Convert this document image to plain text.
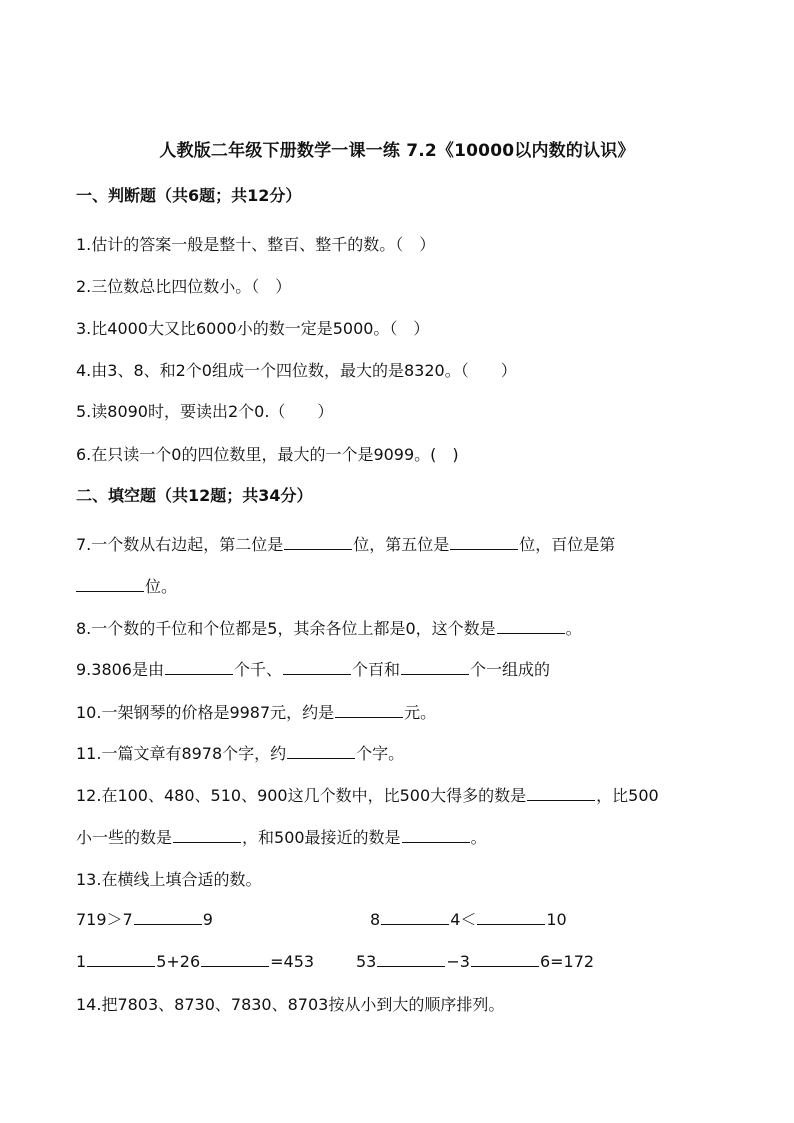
人教版二年级下册数学一课一练 7.2《10000以内数的认识》
一、判断题（共6题；共12分）
1.估计的答案一般是整十、整百、整千的数。（　）
2.三位数总比四位数小。（　）
3.比4000大又比6000小的数一定是5000。（　）
4.由3、8、和2个0组成一个四位数，最大的是8320。（　　）
5.读8090时，要读出2个0.（　　）
6.在只读一个0的四位数里，最大的一个是9099。(　)
二、填空题（共12题；共34分）
7.一个数从右边起，第二位是	位，第五位是	位，百位是第
位。
8.一个数的千位和个位都是5，其余各位上都是0，这个数是	。
9.3806是由	个千、	个百和	个一组成的
10.一架钢琴的价格是9987元，约是	元。
11.一篇文章有8978个字，约	个字。
12.在100、480、510、900这几个数中，比500大得多的数是	，比500
小一些的数是	，和500最接近的数是	。
13.在横线上填合适的数。
719＞7	9	8	4＜	10
1	5+26	=453	53	−3	6=172
14.把7803、8730、7830、8703按从小到大的顺序排列。
